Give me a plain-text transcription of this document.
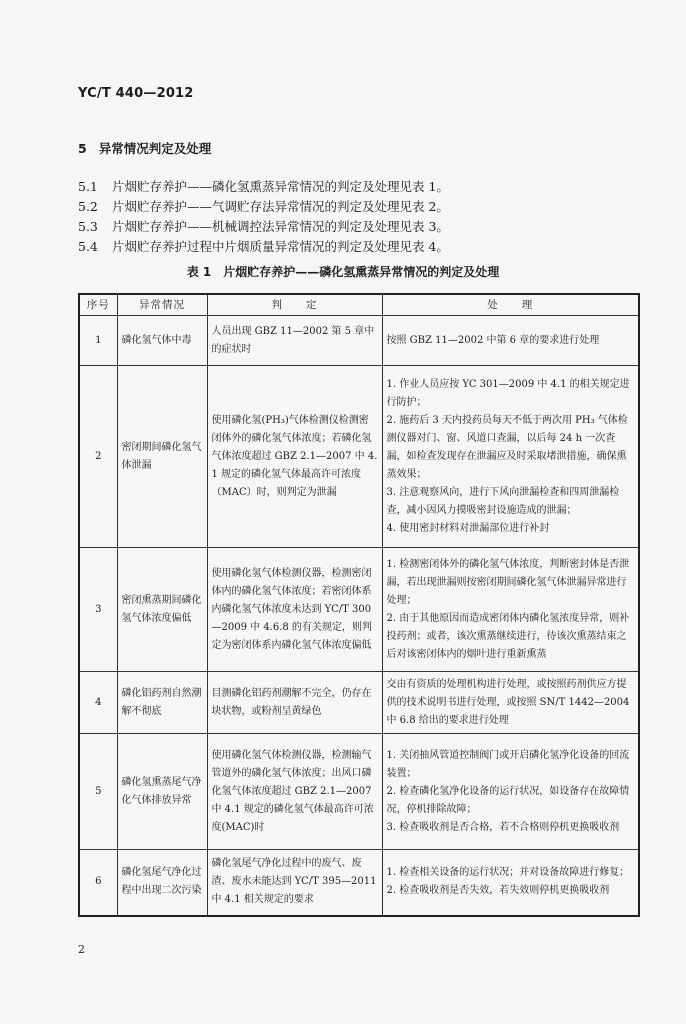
YC/T 440—2012
5 异常情况判定及处理
5.1 片烟贮存养护——磷化氢熏蒸异常情况的判定及处理见表 1。
5.2 片烟贮存养护——气调贮存法异常情况的判定及处理见表 2。
5.3 片烟贮存养护——机械调控法异常情况的判定及处理见表 3。
5.4 片烟贮存养护过程中片烟质量异常情况的判定及处理见表 4。
表 1　片烟贮存养护——磷化氢熏蒸异常情况的判定及处理
序号	异常情况	判　　定	处　　理
1	磷化氢气体中毒	人员出现 GBZ 11—2002 第 5 章中的症状时	按照 GBZ 11—2002 中第 6 章的要求进行处理

2	密闭期间磷化氢气体泄漏	使用磷化氢(PH₃)气体检测仪检测密闭体外的磷化氢气体浓度；若磷化氢气体浓度超过 GBZ 2.1—2007 中 4.1 规定的磷化氢气体最高许可浓度（MAC）时，则判定为泄漏	1. 作业人员应按 YC 301—2009 中 4.1 的相关规定进行防护；
2. 施药后 3 天内投药员每天不低于两次用 PH₃ 气体检测仪器对门、窗、风道口查漏，以后每 24 h 一次查漏，如检查发现存在泄漏应及时采取堵泄措施，确保熏蒸效果；
3. 注意观察风向，进行下风向泄漏检查和四周泄漏检查，减小因风力摸吸密封设施造成的泄漏；
4. 使用密封材料对泄漏部位进行补封

3	密闭熏蒸期间磷化氢气体浓度偏低	使用磷化氢气体检测仪器，检测密闭体内的磷化氢气体浓度；若密闭体系内磷化氢气体浓度未达到 YC/T 300—2009 中 4.6.8 的有关规定，则判定为密闭体系内磷化氢气体浓度偏低	1. 检测密闭体外的磷化氢气体浓度，判断密封体是否泄漏，若出现泄漏则按密闭期间磷化氢气体泄漏异常进行处理；
2. 由于其他原因而造成密闭体内磷化氢浓度异常，则补投药剂；或者，该次熏蒸继续进行，待该次熏蒸结束之后对该密闭体内的烟叶进行重新熏蒸

4	磷化铝药剂自然潮解不彻底	目测磷化铝药剂潮解不完全，仍存在块状物，或粉剂呈黄绿色	交由有资质的处理机构进行处理，或按照药剂供应方提供的技术说明书进行处理，或按照 SN/T 1442—2004 中 6.8 给出的要求进行处理

5	磷化氢熏蒸尾气净化气体排放异常	使用磷化氢气体检测仪器，检测输气管道外的磷化氢气体浓度；出风口磷化氢气体浓度超过 GBZ 2.1—2007 中 4.1 规定的磷化氢气体最高许可浓度(MAC)时	1. 关闭抽风管道控制阀门或开启磷化氢净化设备的回流装置；
2. 检查磷化氢净化设备的运行状况，如设备存在故障情况，停机排除故障；
3. 检查吸收剂是否合格，若不合格则停机更换吸收剂

6	磷化氢尾气净化过程中出现二次污染	磷化氢尾气净化过程中的废气、废渣、废水未能达到 YC/T 395—2011 中 4.1 相关规定的要求	1. 检查相关设备的运行状况；并对设备故障进行修复；
2. 检查吸收剂是否失效，若失效则停机更换吸收剂
2
